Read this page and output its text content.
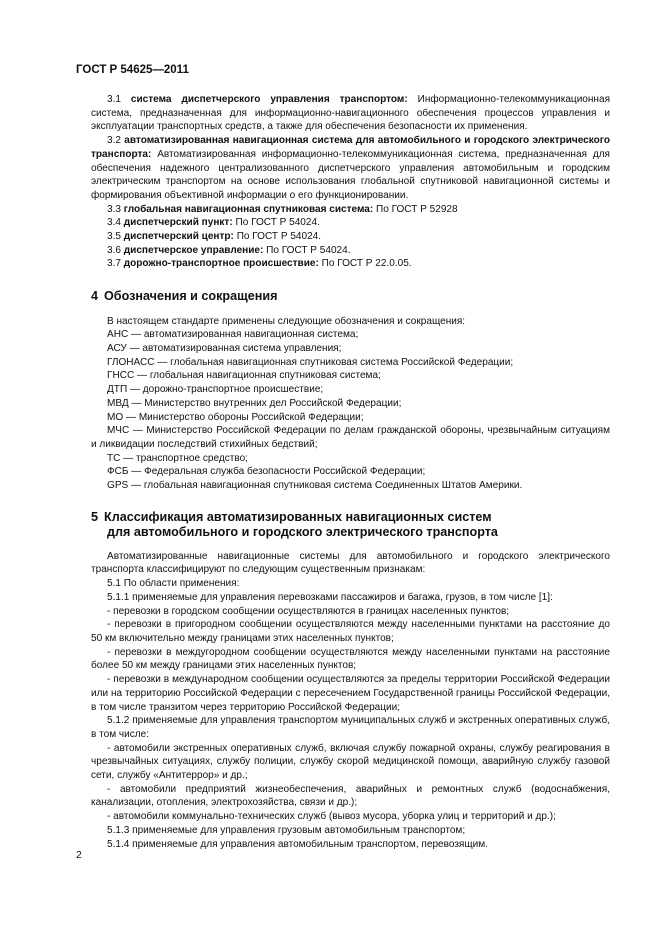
ГОСТ Р 54625—2011

3.1 система диспетчерского управления транспортом: Информационно-телекоммуникационная система, предназначенная для информационно-навигационного обеспечения процессов управления и эксплуатации транспортных средств, а также для обеспечения безопасности их применения.

3.2 автоматизированная навигационная система для автомобильного и городского электрического транспорта: Автоматизированная информационно-телекоммуникационная система, предназначенная для обеспечения надежного централизованного диспетчерского управления автомобильным и городским электрическим транспортом на основе использования глобальной спутниковой навигационной системы и формирования объективной информации о его функционировании.

3.3 глобальная навигационная спутниковая система: По ГОСТ Р 52928

3.4 диспетчерский пункт: По ГОСТ Р 54024.

3.5 диспетчерский центр: По ГОСТ Р 54024.

3.6 диспетчерское управление: По ГОСТ Р 54024.

3.7 дорожно-транспортное происшествие: По ГОСТ Р 22.0.05.

4 Обозначения и сокращения

В настоящем стандарте применены следующие обозначения и сокращения:

АНС — автоматизированная навигационная система;

АСУ — автоматизированная система управления;

ГЛОНАСС — глобальная навигационная спутниковая система Российской Федерации;

ГНСС — глобальная навигационная спутниковая система;

ДТП — дорожно-транспортное происшествие;

МВД — Министерство внутренних дел Российской Федерации;

МО — Министерство обороны Российской Федерации;

МЧС — Министерство Российской Федерации по делам гражданской обороны, чрезвычайным ситуациям и ликвидации последствий стихийных бедствий;

ТС — транспортное средство;

ФСБ — Федеральная служба безопасности Российской Федерации;

GPS — глобальная навигационная спутниковая система Соединенных Штатов Америки.

5 Классификация автоматизированных навигационных систем
для автомобильного и городского электрического транспорта

Автоматизированные навигационные системы для автомобильного и городского электрического транспорта классифицируют по следующим существенным признакам:

5.1 По области применения:

5.1.1 применяемые для управления перевозками пассажиров и багажа, грузов, в том числе [1]:

- перевозки в городском сообщении осуществляются в границах населенных пунктов;

- перевозки в пригородном сообщении осуществляются между населенными пунктами на расстояние до 50 км включительно между границами этих населенных пунктов;

- перевозки в междугородном сообщении осуществляются между населенными пунктами на расстояние более 50 км между границами этих населенных пунктов;

- перевозки в международном сообщении осуществляются за пределы территории Российской Федерации или на территорию Российской Федерации с пересечением Государственной границы Российской Федерации, в том числе транзитом через территорию Российской Федерации;

5.1.2 применяемые для управления транспортом муниципальных служб и экстренных оперативных служб, в том числе:

- автомобили экстренных оперативных служб, включая службу пожарной охраны, службу реагирования в чрезвычайных ситуациях, службу полиции, службу скорой медицинской помощи, аварийную службу газовой сети, службу «Антитеррор» и др.;

- автомобили предприятий жизнеобеспечения, аварийных и ремонтных служб (водоснабжения, канализации, отопления, электрохозяйства, связи и др.);

- автомобили коммунально-технических служб (вывоз мусора, уборка улиц и территорий и др.);

5.1.3 применяемые для управления грузовым автомобильным транспортом;

5.1.4 применяемые для управления автомобильным транспортом, перевозящим.

2
